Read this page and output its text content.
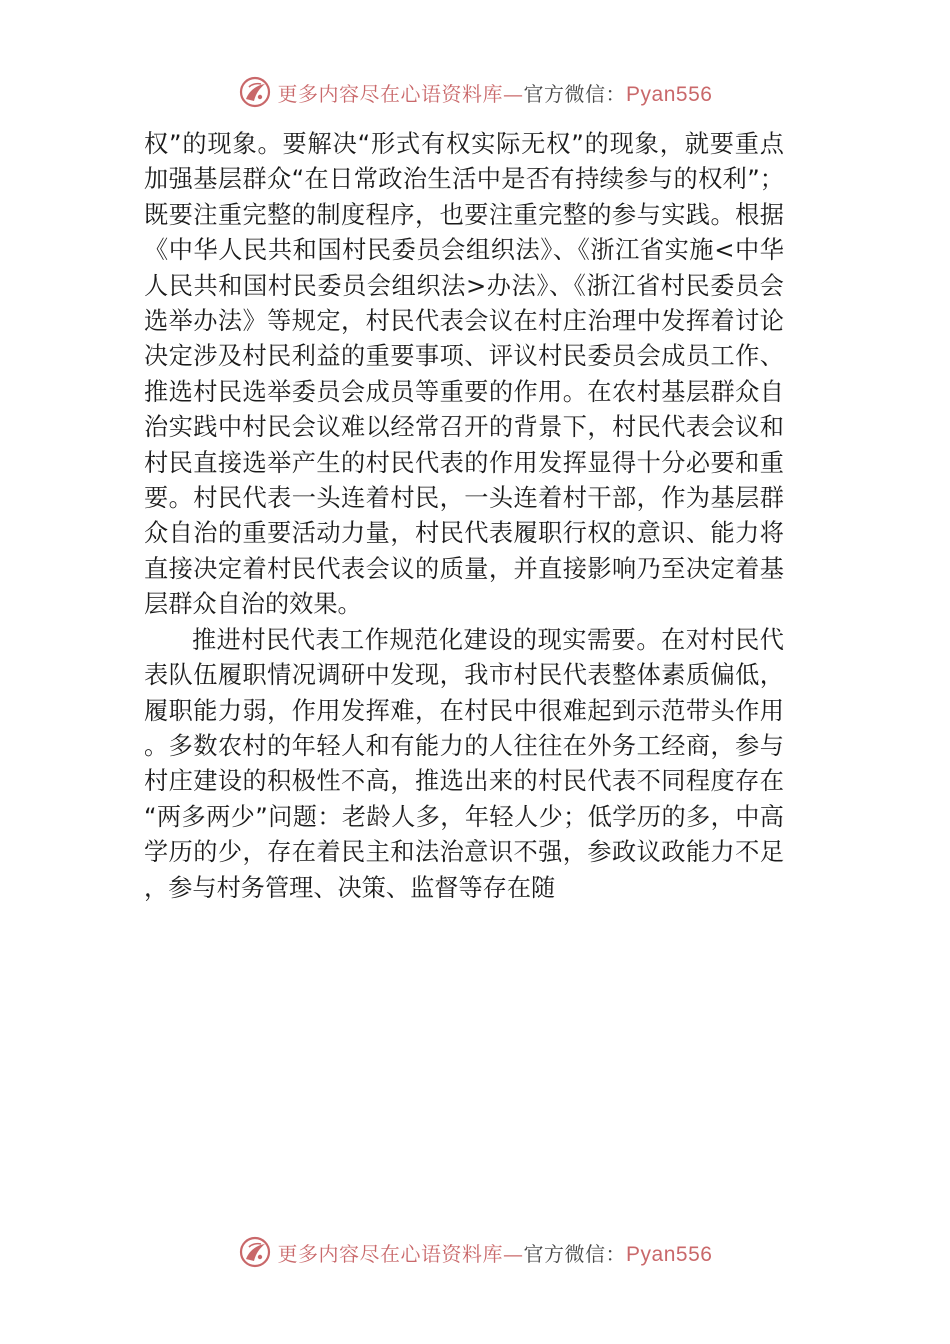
更多内容尽在心语资料库—官方微信：Pyan556

权”的现象。要解决“形式有权实际无权”的现象，就要重点加强基层群众“在日常政治生活中是否有持续参与的权利”；既要注重完整的制度程序，也要注重完整的参与实践。根据《中华人民共和国村民委员会组织法》、《浙江省实施<中华人民共和国村民委员会组织法>办法》、《浙江省村民委员会选举办法》等规定，村民代表会议在村庄治理中发挥着讨论决定涉及村民利益的重要事项、评议村民委员会成员工作、推选村民选举委员会成员等重要的作用。在农村基层群众自治实践中村民会议难以经常召开的背景下，村民代表会议和村民直接选举产生的村民代表的作用发挥显得十分必要和重要。村民代表一头连着村民，一头连着村干部，作为基层群众自治的重要活动力量，村民代表履职行权的意识、能力将直接决定着村民代表会议的质量，并直接影响乃至决定着基层群众自治的效果。

推进村民代表工作规范化建设的现实需要。在对村民代表队伍履职情况调研中发现，我市村民代表整体素质偏低，履职能力弱，作用发挥难，在村民中很难起到示范带头作用。多数农村的年轻人和有能力的人往往在外务工经商，参与村庄建设的积极性不高，推选出来的村民代表不同程度存在“两多两少”问题：老龄人多，年轻人少；低学历的多，中高学历的少，存在着民主和法治意识不强，参政议政能力不足，参与村务管理、决策、监督等存在随

更多内容尽在心语资料库—官方微信：Pyan556
